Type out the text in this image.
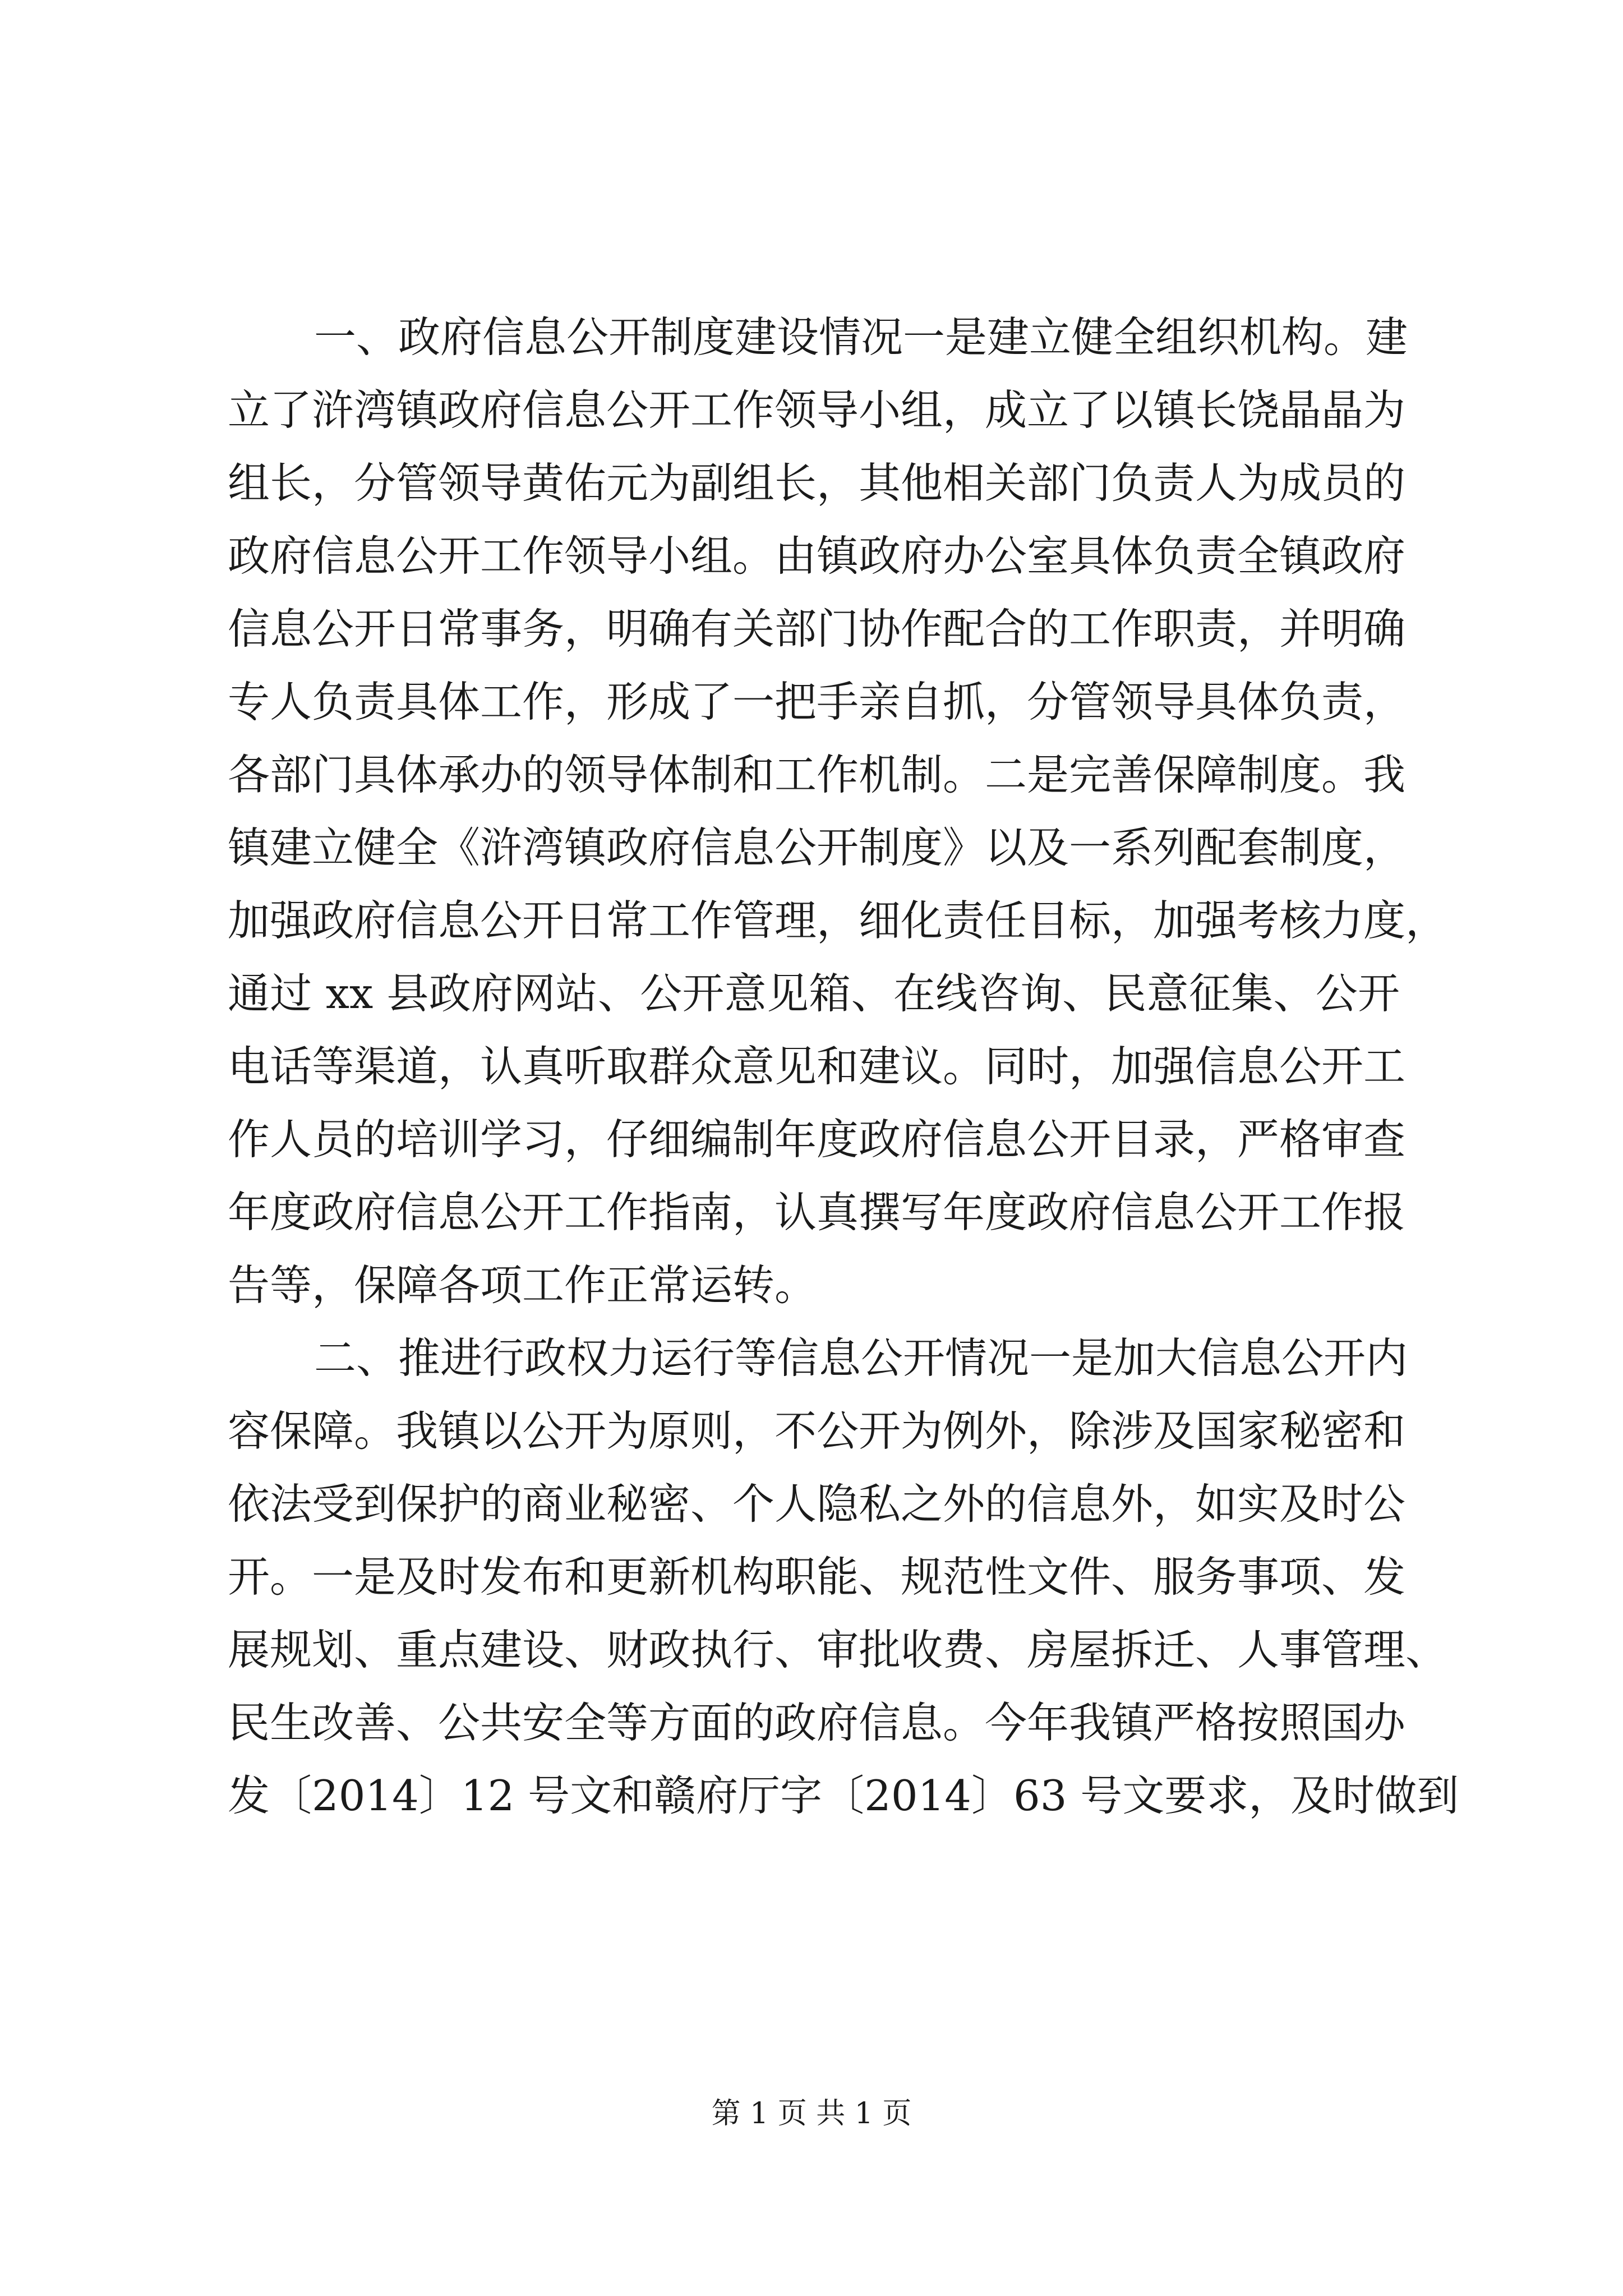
一、政府信息公开制度建设情况一是建立健全组织机构。建
立了浒湾镇政府信息公开工作领导小组，成立了以镇长饶晶晶为
组长，分管领导黄佑元为副组长，其他相关部门负责人为成员的
政府信息公开工作领导小组。由镇政府办公室具体负责全镇政府
信息公开日常事务，明确有关部门协作配合的工作职责，并明确
专人负责具体工作，形成了一把手亲自抓，分管领导具体负责，
各部门具体承办的领导体制和工作机制。二是完善保障制度。我
镇建立健全《浒湾镇政府信息公开制度》以及一系列配套制度，
加强政府信息公开日常工作管理，细化责任目标，加强考核力度，
通过 xx 县政府网站、公开意见箱、在线咨询、民意征集、公开
电话等渠道，认真听取群众意见和建议。同时，加强信息公开工
作人员的培训学习，仔细编制年度政府信息公开目录，严格审查
年度政府信息公开工作指南，认真撰写年度政府信息公开工作报
告等，保障各项工作正常运转。
二、推进行政权力运行等信息公开情况一是加大信息公开内
容保障。我镇以公开为原则，不公开为例外，除涉及国家秘密和
依法受到保护的商业秘密、个人隐私之外的信息外，如实及时公
开。一是及时发布和更新机构职能、规范性文件、服务事项、发
展规划、重点建设、财政执行、审批收费、房屋拆迁、人事管理、
民生改善、公共安全等方面的政府信息。今年我镇严格按照国办
发〔2014〕12 号文和赣府厅字〔2014〕63 号文要求，及时做到
第 1 页 共 1 页
